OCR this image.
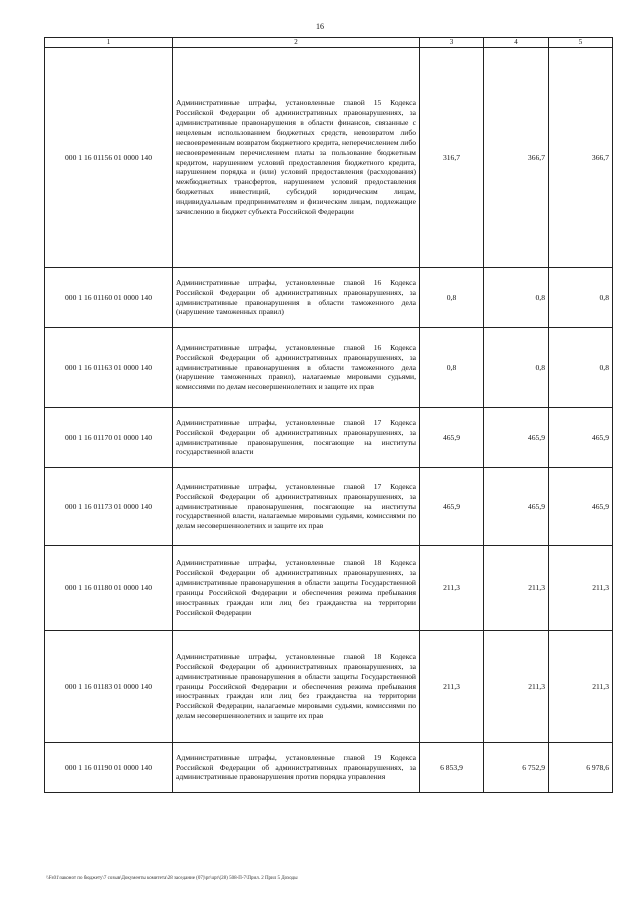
16
1	2	3	4	5
000 1 16 01156 01 0000 140	Административные штрафы, установленные главой 15 Кодекса Российской Федерации об административных правонарушениях, за административные правонарушения в области финансов, связанные с нецелевым использованием бюджетных средств, невозвратом либо несвоевременным возвратом бюджетного кредита, неперечислением либо несвоевременным перечислением платы за пользование бюджетным кредитом, нарушением условий предоставления бюджетного кредита, нарушением порядка и (или) условий предоставления (расходования) межбюджетных трансфертов, нарушением условий предоставления бюджетных инвестиций, субсидий юридическим лицам, индивидуальным предпринимателям и физическим лицам, подлежащие зачислению в бюджет субъекта Российской Федерации	316,7	366,7	366,7
000 1 16 01160 01 0000 140	Административные штрафы, установленные главой 16 Кодекса Российской Федерации об административных правонарушениях, за административные правонарушения в области таможенного дела (нарушение таможенных правил)	0,8	0,8	0,8
000 1 16 01163 01 0000 140	Административные штрафы, установленные главой 16 Кодекса Российской Федерации об административных правонарушениях, за административные правонарушения в области таможенного дела (нарушение таможенных правил), налагаемые мировыми судьями, комиссиями по делам несовершеннолетних и защите их прав	0,8	0,8	0,8
000 1 16 01170 01 0000 140	Административные штрафы, установленные главой 17 Кодекса Российской Федерации об административных правонарушениях, за административные правонарушения, посягающие на институты государственной власти	465,9	465,9	465,9
000 1 16 01173 01 0000 140	Административные штрафы, установленные главой 17 Кодекса Российской Федерации об административных правонарушениях, за административные правонарушения, посягающие на институты государственной власти, налагаемые мировыми судьями, комиссиями по делам несовершеннолетних и защите их прав	465,9	465,9	465,9
000 1 16 01180 01 0000 140	Административные штрафы, установленные главой 18 Кодекса Российской Федерации об административных правонарушениях, за административные правонарушения в области защиты Государственной границы Российской Федерации и обеспечения режима пребывания иностранных граждан или лиц без гражданства на территории Российской Федерации	211,3	211,3	211,3
000 1 16 01183 01 0000 140	Административные штрафы, установленные главой 18 Кодекса Российской Федерации об административных правонарушениях, за административные правонарушения в области защиты Государственной границы Российской Федерации и обеспечения режима пребывания иностранных граждан или лиц без гражданства на территории Российской Федерации, налагаемые мировыми судьями, комиссиями по делам несовершеннолетних и защите их прав	211,3	211,3	211,3
000 1 16 01190 01 0000 140	Административные штрафы, установленные главой 19 Кодекса Российской Федерации об административных правонарушениях, за административные правонарушения против порядка управления	6 853,9	6 752,9	6 978,6
\\Fs01\законот по бюджету\7 созыв\Документы комитета\28 заседание (07)\pr\upr\(28) 508-П-7\Прил. 2 Прил 5 Доходы
